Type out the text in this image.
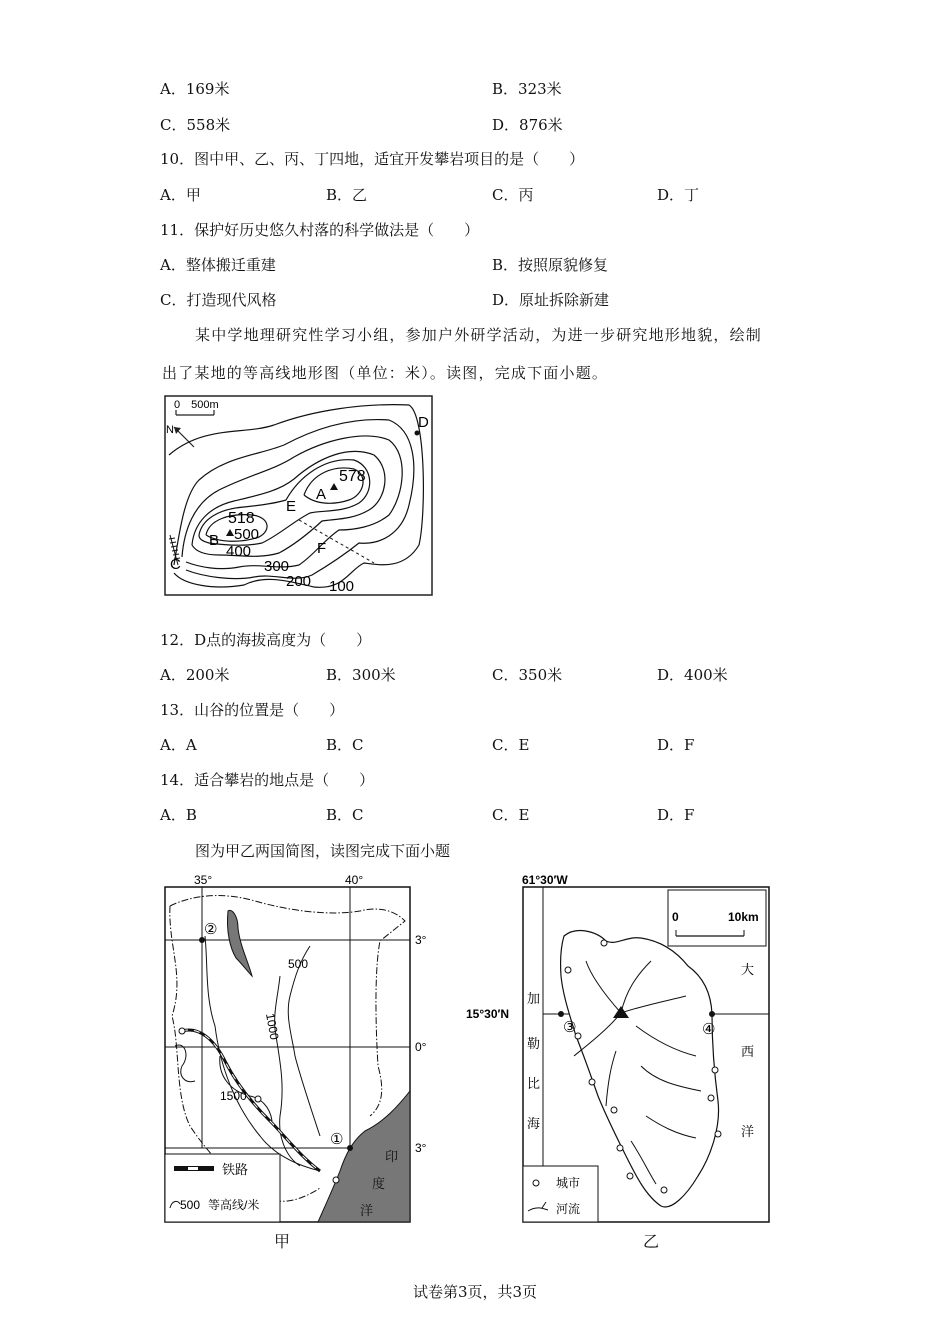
A．169米	B．323米
C．558米	D．876米
10．图中甲、乙、丙、丁四地，适宜开发攀岩项目的是（　　）
A．甲	B．乙	C．丙	D．丁
11．保护好历史悠久村落的科学做法是（　　）
A．整体搬迁重建	B．按照原貌修复
C．打造现代风格	D．原址拆除新建
某中学地理研究性学习小组，参加户外研学活动，为进一步研究地形地貌，绘制
出了某地的等高线地形图（单位：米）。读图，完成下面小题。
0　500m
N
578
518
A
B
C
D
E
F
500
400
300
200 100
12．D点的海拔高度为（　　）
A．200米	B．300米	C．350米	D．400米
13．山谷的位置是（　　）
A．A	B．C	C．E	D．F
14．适合攀岩的地点是（　　）
A．B	B．C	C．E	D．F
图为甲乙两国简图，读图完成下面小题
35°	40°
3°
0°
3°
②
①
500
1000
1500
印
度
洋
铁路
500 等高线/米
甲
61°30′W
15°30′N
0	10km
③	④
加
勒
比
海
大
西
洋
城市
河流
乙
试卷第3页，共3页
